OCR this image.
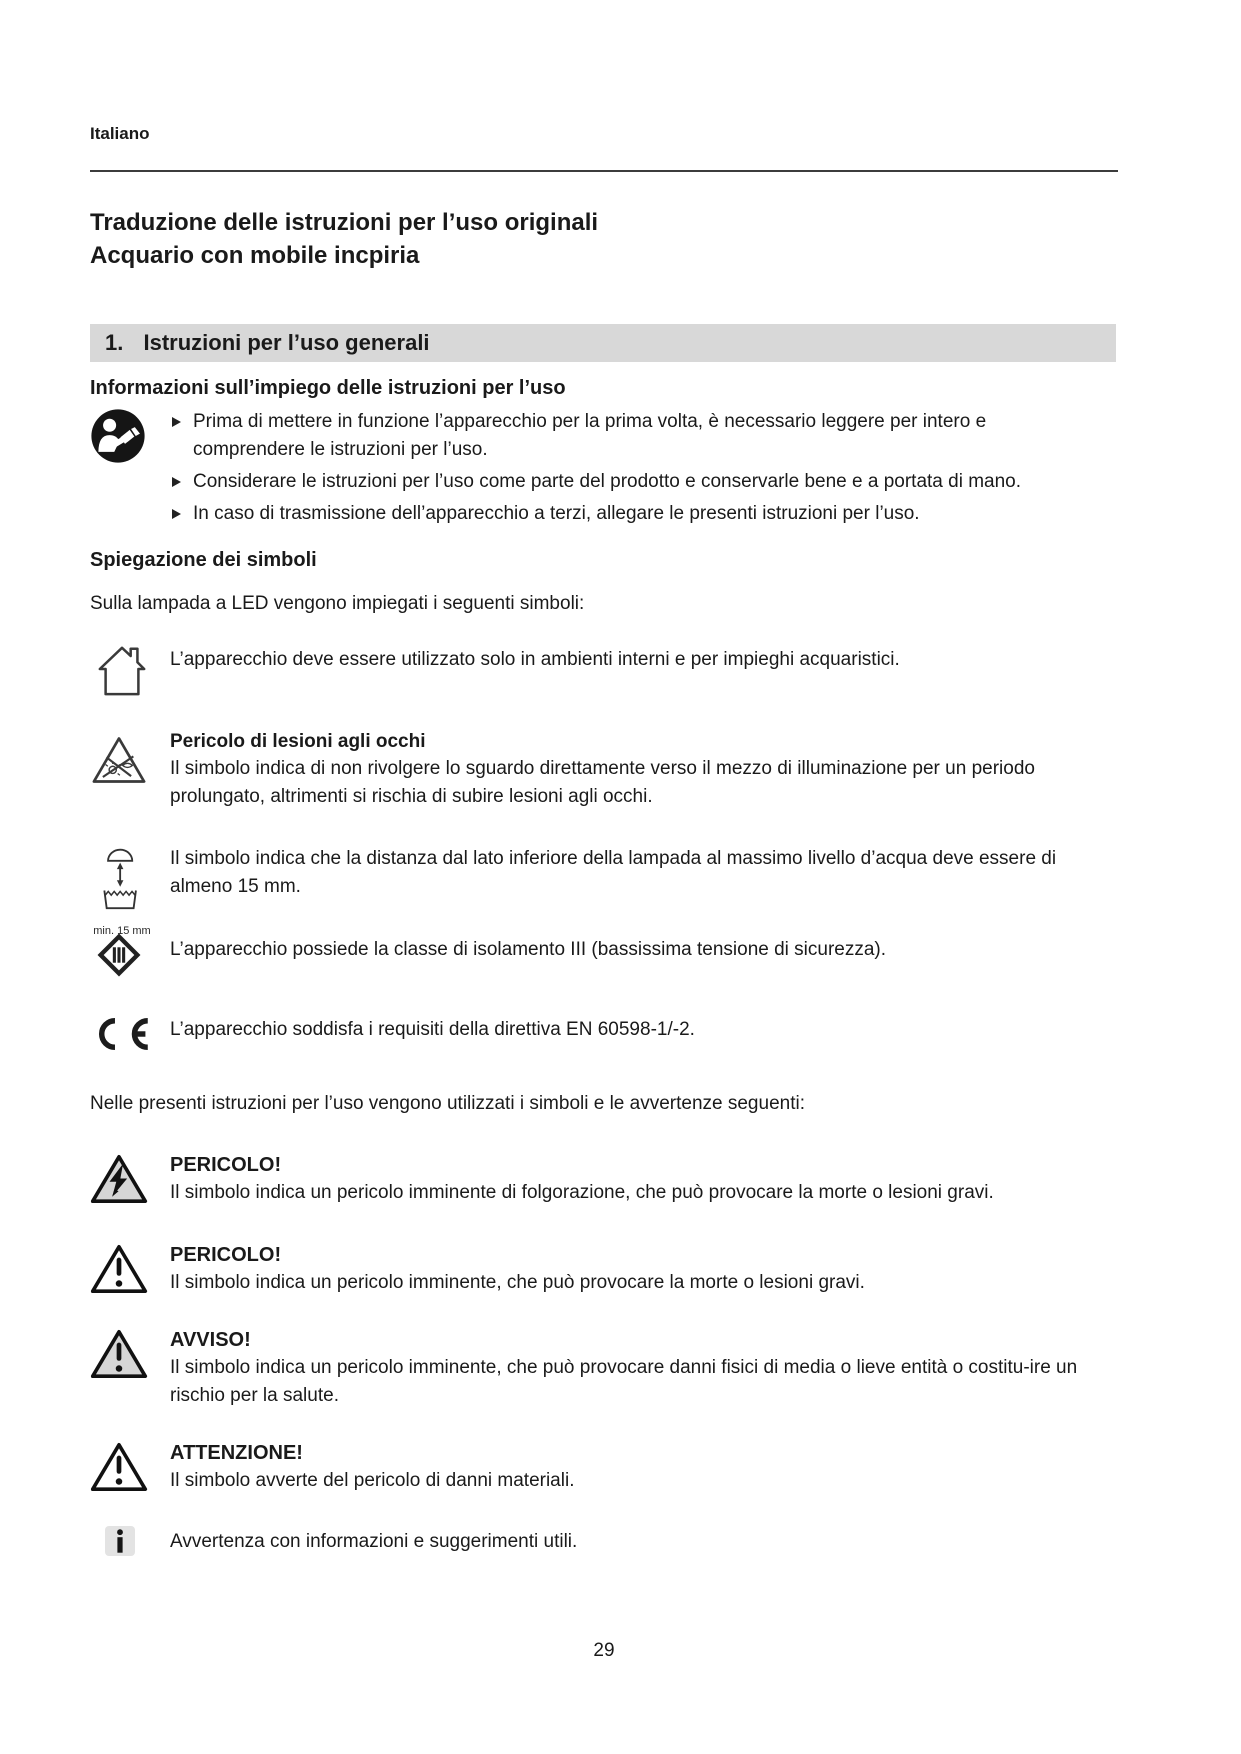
Italiano
Traduzione delle istruzioni per l’uso originali
Acquario con mobile incpiria
1. Istruzioni per l’uso generali
Informazioni sull’impiego delle istruzioni per l’uso
Prima di mettere in funzione l’apparecchio per la prima volta, è necessario leggere per intero e comprendere le istruzioni per l’uso.
Considerare le istruzioni per l’uso come parte del prodotto e conservarle bene e a portata di mano.
In caso di trasmissione dell’apparecchio a terzi, allegare le presenti istruzioni per l’uso.
Spiegazione dei simboli
Sulla lampada a LED vengono impiegati i seguenti simboli:
L’apparecchio deve essere utilizzato solo in ambienti interni e per impieghi acquaristici.
Pericolo di lesioni agli occhi
Il simbolo indica di non rivolgere lo sguardo direttamente verso il mezzo di illuminazione per un periodo prolungato, altrimenti si rischia di subire lesioni agli occhi.
min. 15 mm
Il simbolo indica che la distanza dal lato inferiore della lampada al massimo livello d’acqua deve essere di almeno 15 mm.
L’apparecchio possiede la classe di isolamento III (bassissima tensione di sicurezza).
L’apparecchio soddisfa i requisiti della direttiva EN 60598-1/-2.
Nelle presenti istruzioni per l’uso vengono utilizzati i simboli e le avvertenze seguenti:
PERICOLO!
Il simbolo indica un pericolo imminente di folgorazione, che può provocare la morte o lesioni gravi.
PERICOLO!
Il simbolo indica un pericolo imminente, che può provocare la morte o lesioni gravi.
AVVISO!
Il simbolo indica un pericolo imminente, che può provocare danni fisici di media o lieve entità o costitu-ire un rischio per la salute.
ATTENZIONE!
Il simbolo avverte del pericolo di danni materiali.
Avvertenza con informazioni e suggerimenti utili.
29
